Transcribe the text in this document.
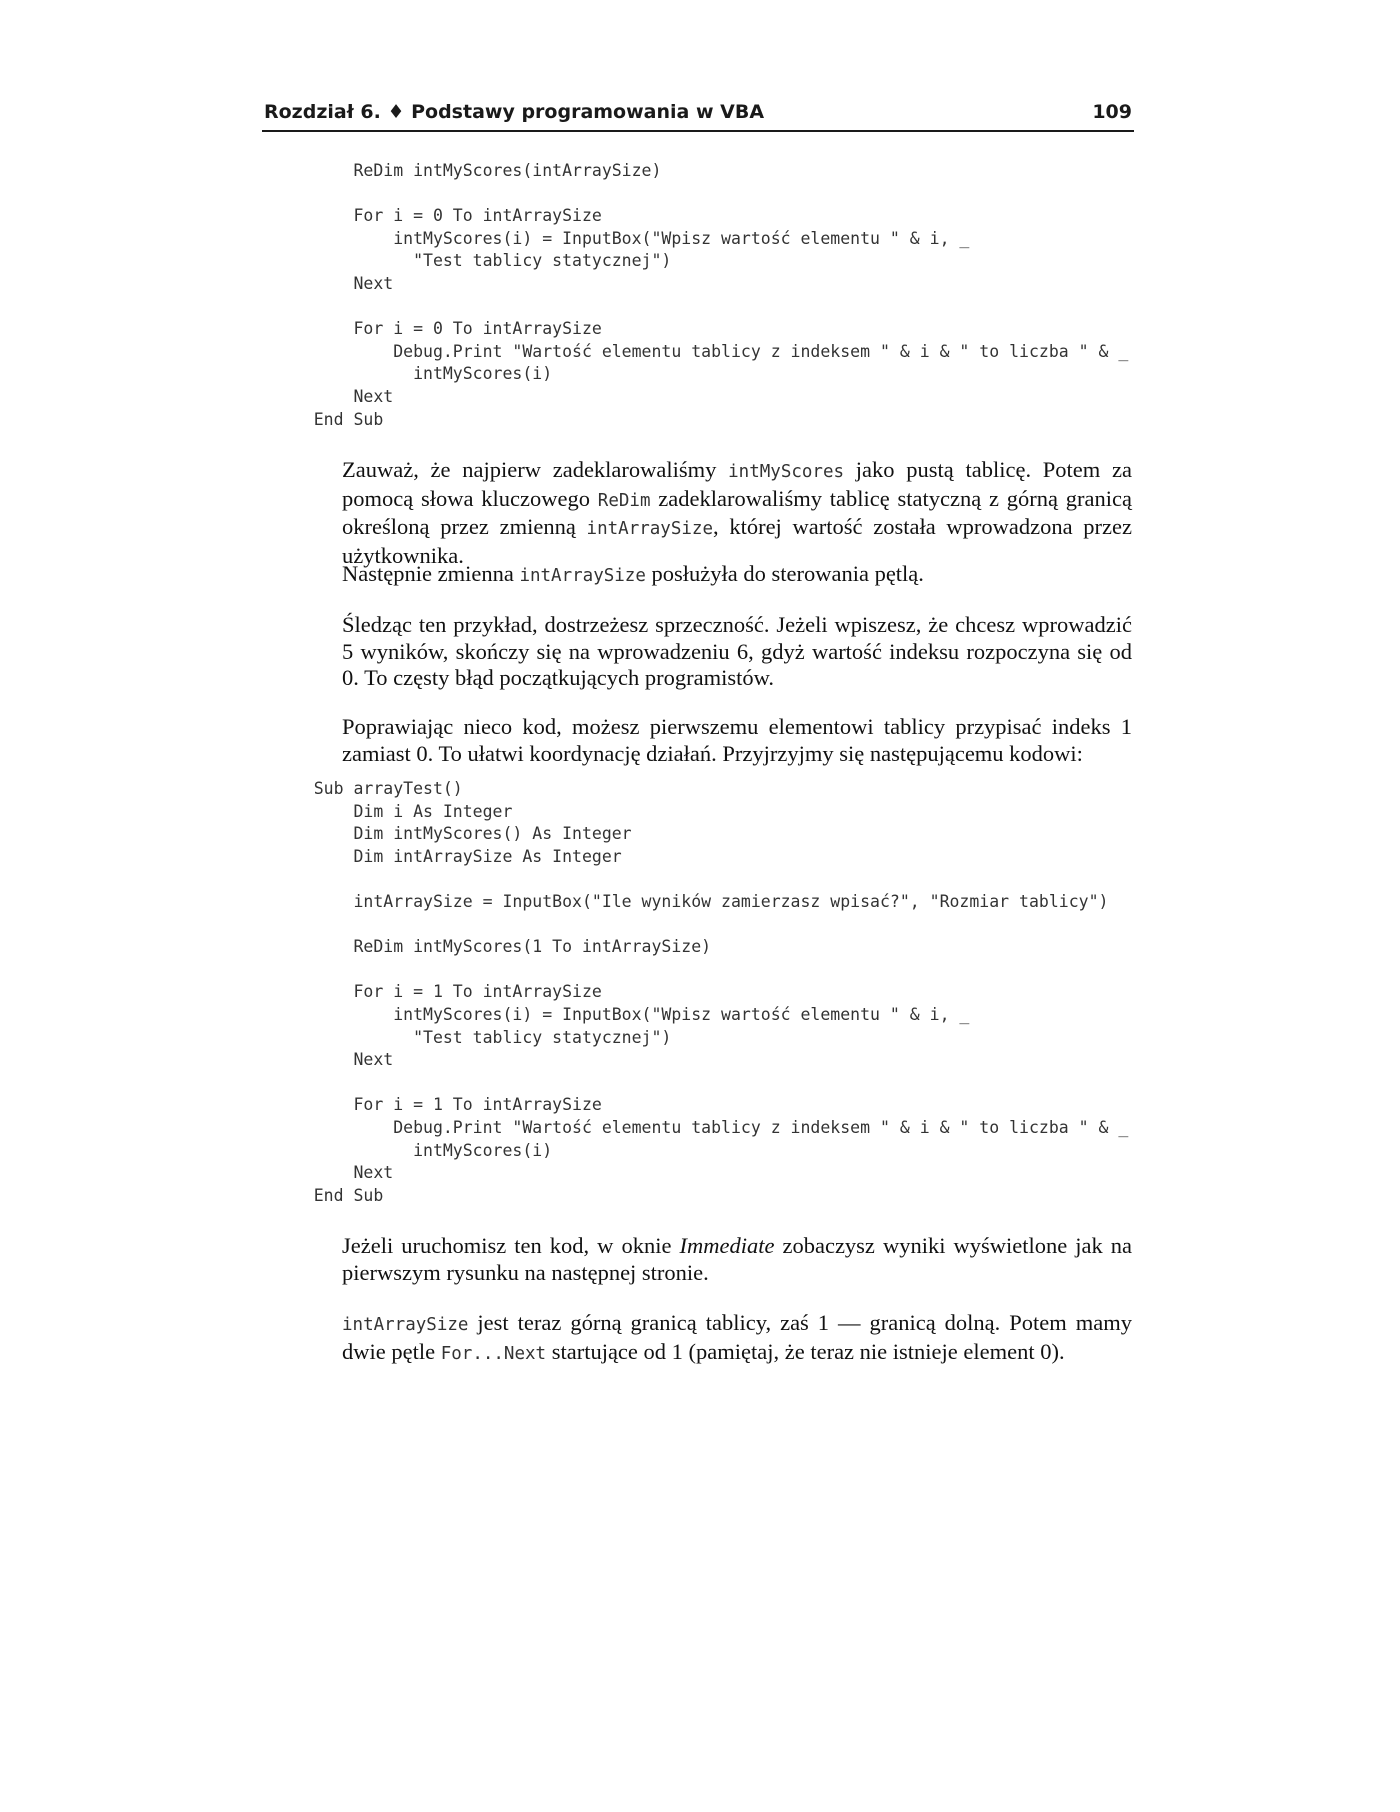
Rozdział 6. ♦ Podstawy programowania w VBA	109
ReDim intMyScores(intArraySize)

For i = 0 To intArraySize
intMyScores(i) = InputBox("Wpisz wartość elementu " & i, _
"Test tablicy statycznej")
Next

For i = 0 To intArraySize
Debug.Print "Wartość elementu tablicy z indeksem " & i & " to liczba " & _
intMyScores(i)
Next
End Sub

Zauważ, że najpierw zadeklarowaliśmy intMyScores jako pustą tablicę. Potem za pomocą słowa kluczowego ReDim zadeklarowaliśmy tablicę statyczną z górną granicą określoną przez zmienną intArraySize, której wartość została wprowadzona przez użytkownika.

Następnie zmienna intArraySize posłużyła do sterowania pętlą.

Śledząc ten przykład, dostrzeżesz sprzeczność. Jeżeli wpiszesz, że chcesz wprowadzić 5 wyników, skończy się na wprowadzeniu 6, gdyż wartość indeksu rozpoczyna się od 0. To częsty błąd początkujących programistów.

Poprawiając nieco kod, możesz pierwszemu elementowi tablicy przypisać indeks 1 zamiast 0. To ułatwi koordynację działań. Przyjrzyjmy się następującemu kodowi:

Sub arrayTest()
Dim i As Integer
Dim intMyScores() As Integer
Dim intArraySize As Integer

intArraySize = InputBox("Ile wyników zamierzasz wpisać?", "Rozmiar tablicy")

ReDim intMyScores(1 To intArraySize)

For i = 1 To intArraySize
intMyScores(i) = InputBox("Wpisz wartość elementu " & i, _
"Test tablicy statycznej")
Next

For i = 1 To intArraySize
Debug.Print "Wartość elementu tablicy z indeksem " & i & " to liczba " & _
intMyScores(i)
Next
End Sub

Jeżeli uruchomisz ten kod, w oknie Immediate zobaczysz wyniki wyświetlone jak na pierwszym rysunku na następnej stronie.

intArraySize jest teraz górną granicą tablicy, zaś 1 — granicą dolną. Potem mamy dwie pętle For...Next startujące od 1 (pamiętaj, że teraz nie istnieje element 0).
